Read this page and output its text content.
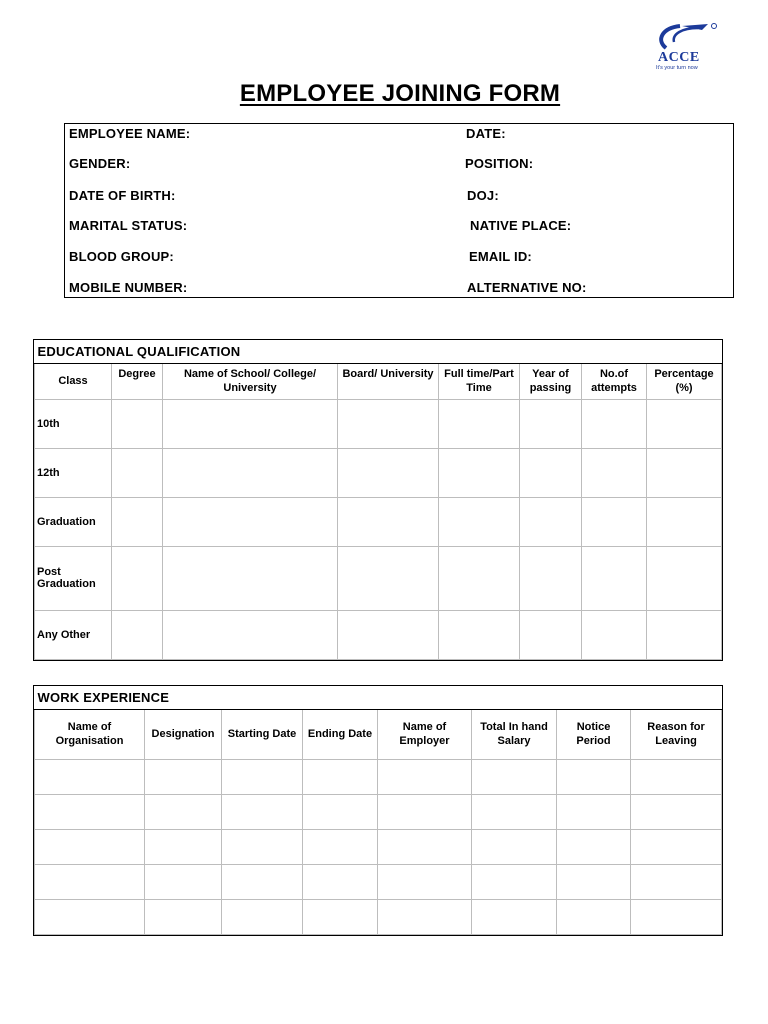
ACCE
It's your turn now
EMPLOYEE JOINING FORM
EMPLOYEE NAME:	DATE:
GENDER:	POSITION:
DATE OF BIRTH:	DOJ:
MARITAL STATUS:	NATIVE PLACE:
BLOOD GROUP:	EMAIL ID:
MOBILE NUMBER:	ALTERNATIVE NO:
EDUCATIONAL QUALIFICATION							
Class	Degree	Name of School/ College/ University	Board/ University	Full time/Part Time	Year of passing	No.of attempts	Percentage (%)
10th							
12th							
Graduation							

Post Graduation							

Any Other							
WORK EXPERIENCE							
Name of Organisation	Designation	Starting Date	Ending Date	Name of Employer	Total In hand Salary	Notice Period	Reason for Leaving
